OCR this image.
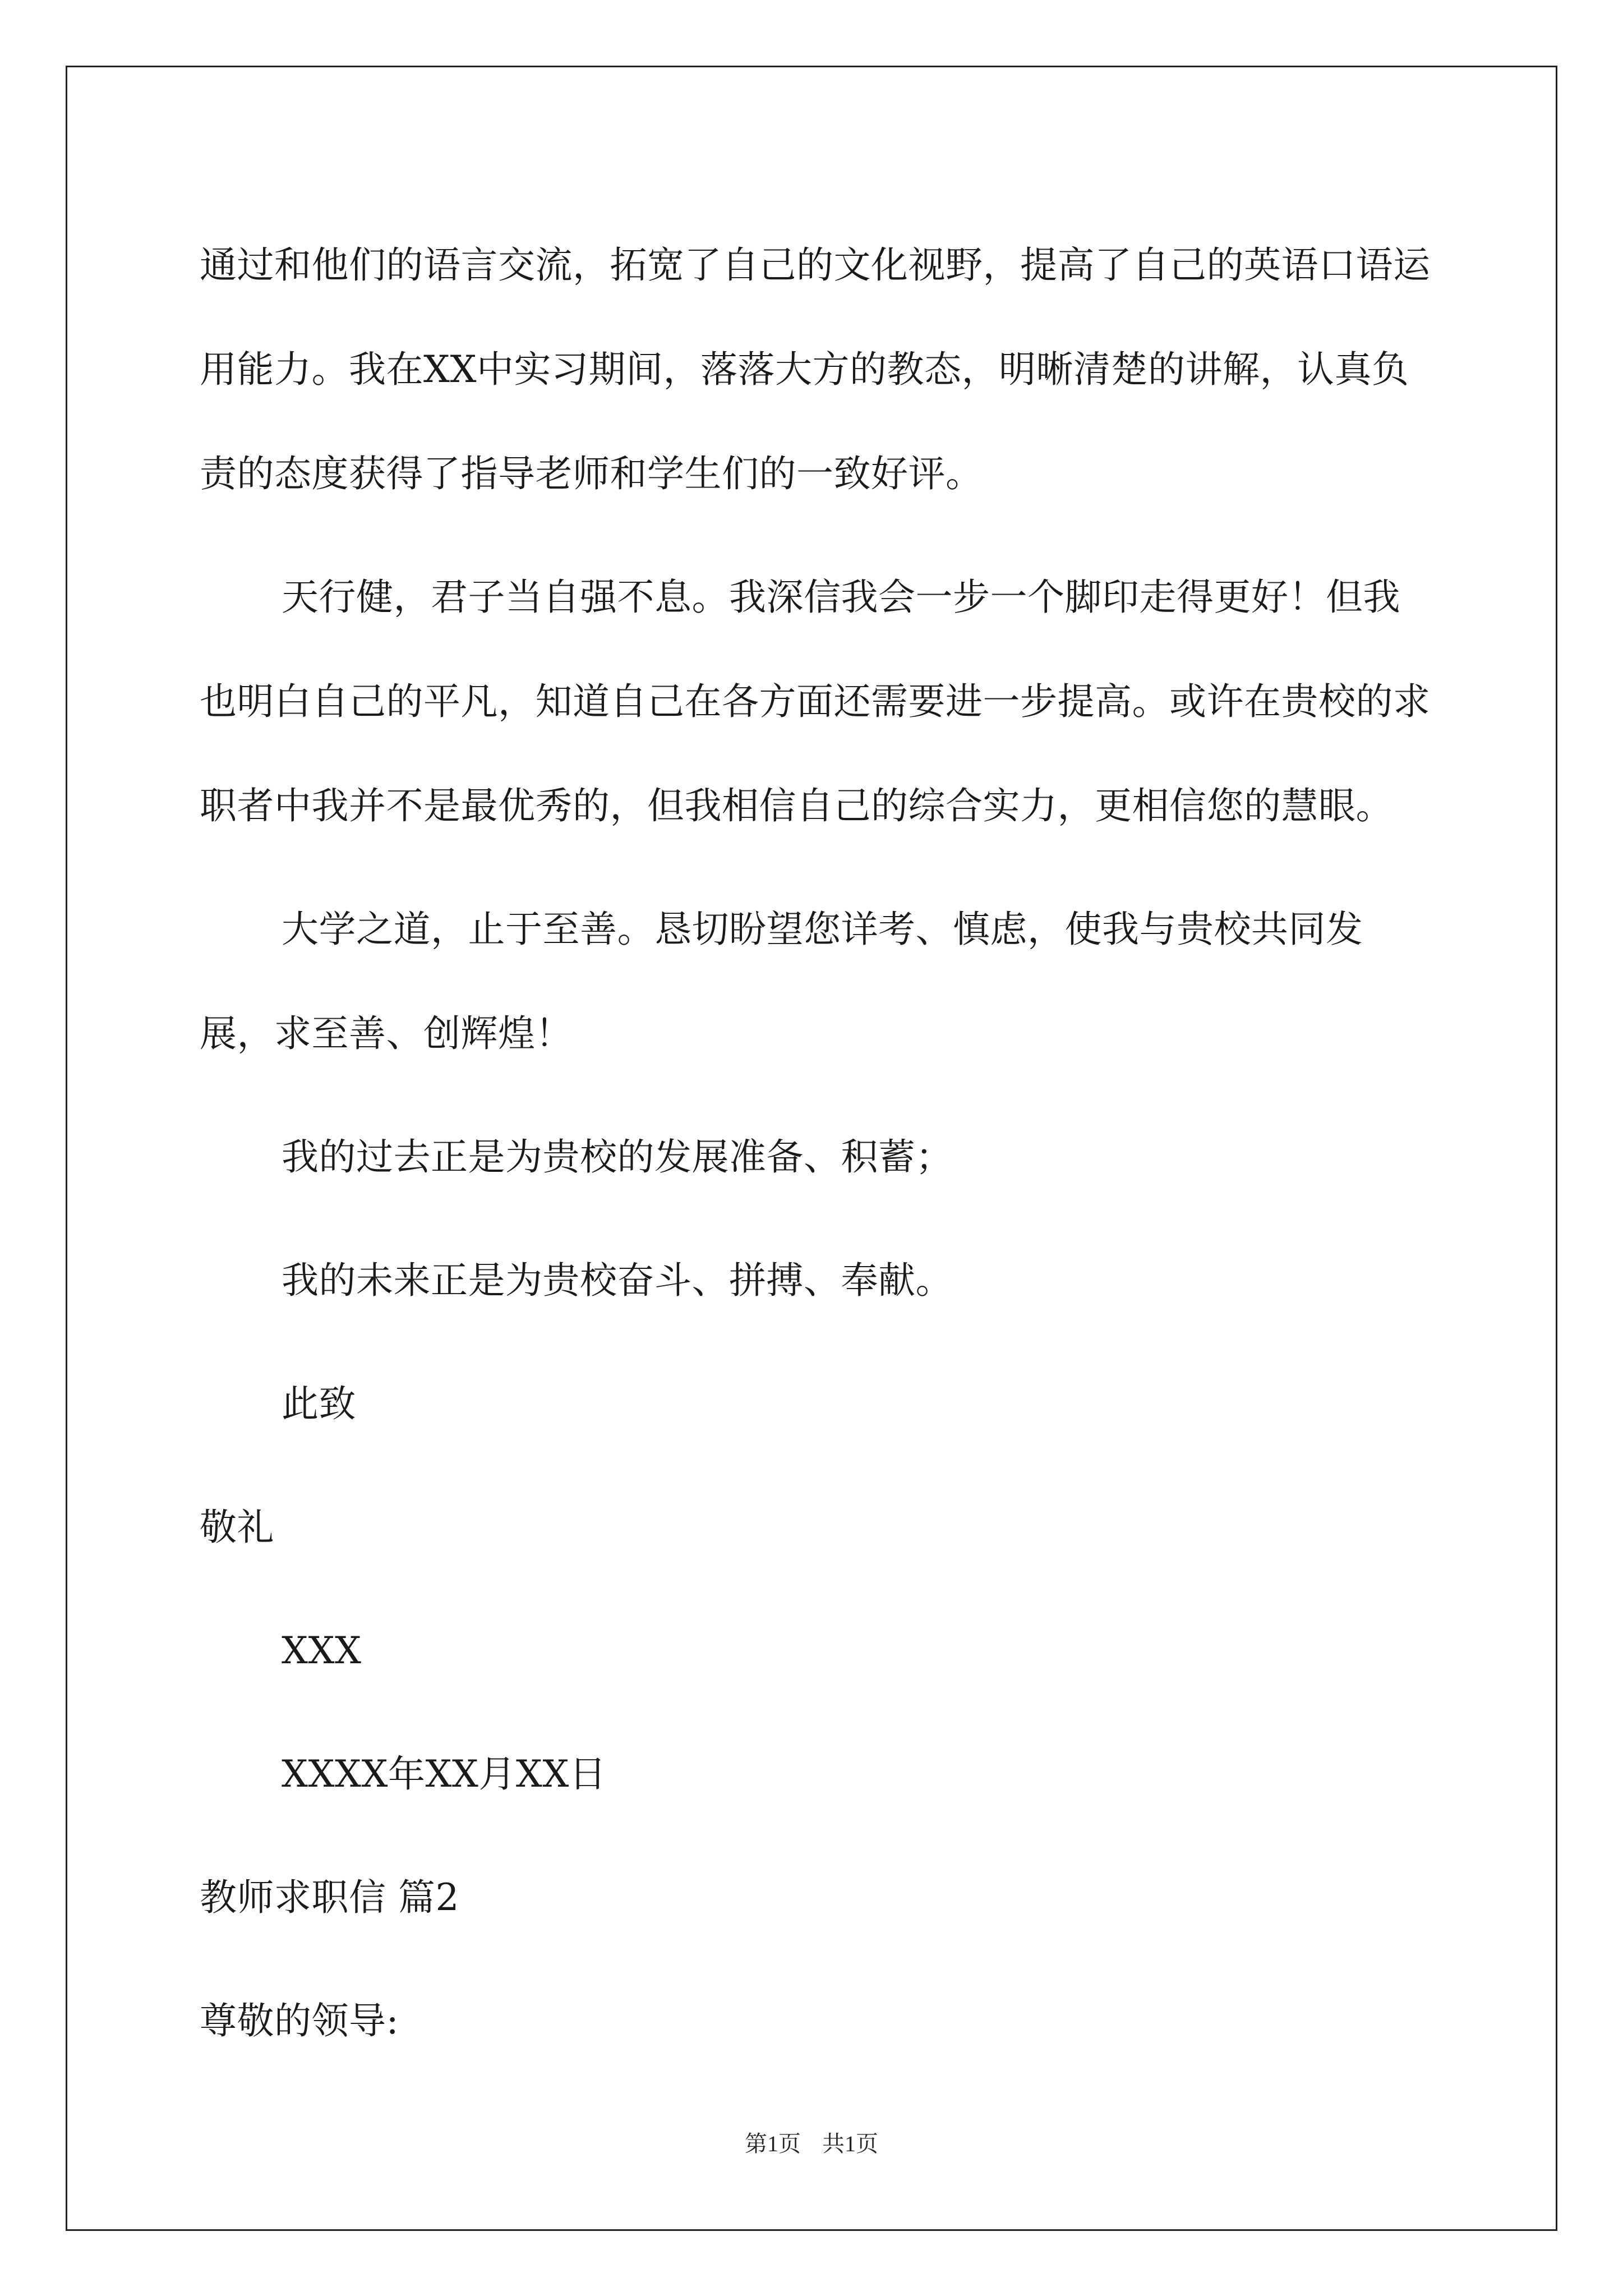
通过和他们的语言交流，拓宽了自己的文化视野，提高了自己的英语口语运用能力。我在XX中实习期间，落落大方的教态，明晰清楚的讲解，认真负责的态度获得了指导老师和学生们的一致好评。

天行健，君子当自强不息。我深信我会一步一个脚印走得更好！但我也明白自己的平凡，知道自己在各方面还需要进一步提高。或许在贵校的求职者中我并不是最优秀的，但我相信自己的综合实力，更相信您的慧眼。

大学之道，止于至善。恳切盼望您详考、慎虑，使我与贵校共同发展，求至善、创辉煌！

我的过去正是为贵校的发展准备、积蓄；

我的未来正是为贵校奋斗、拼搏、奉献。

此致

敬礼

XXX

XXXX年XX月XX日

教师求职信 篇2

尊敬的领导:

第1页 共1页
